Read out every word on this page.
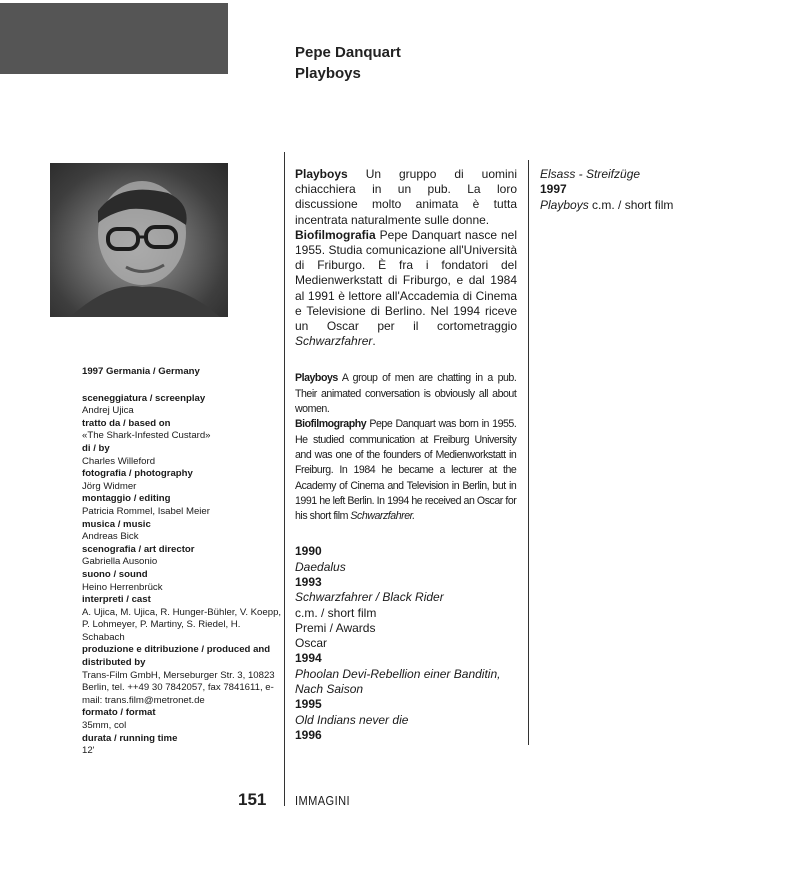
Pepe Danquart
Playboys
1997 Germania / Germany
sceneggiatura / screenplay
Andrej Ujica
tratto da / based on
«The Shark-Infested Custard»
di / by
Charles Willeford
fotografia / photography
Jörg Widmer
montaggio / editing
Patricia Rommel, Isabel Meier
musica / music
Andreas Bick
scenografia / art director
Gabriella Ausonio
suono / sound
Heino Herrenbrück
interpreti / cast
A. Ujica, M. Ujica, R. Hunger-Bühler, V. Koepp, P. Lohmeyer, P. Martiny, S. Riedel, H. Schabach
produzione e ditribuzione / produced and distributed by
Trans-Film GmbH, Merseburger Str. 3, 10823 Berlin, tel. ++49 30 7842057, fax 7841611, e-mail: trans.film@metronet.de
formato / format
35mm, col
durata / running time
12'

Playboys Un gruppo di uomini chiacchiera in un pub. La loro discussione molto animata è tutta incentrata naturalmente sulle donne.
Biofilmografia Pepe Danquart nasce nel 1955. Studia comunicazione all'Università di Friburgo. È fra i fondatori del Medienwerkstatt di Friburgo, e dal 1984 al 1991 è lettore all'Accademia di Cinema e Televisione di Berlino. Nel 1994 riceve un Oscar per il cortometraggio Schwarzfahrer.

Playboys A group of men are chatting in a pub. Their animated conversation is obviously all about women.
Biofilmography Pepe Danquart was born in 1955. He studied communication at Freiburg University and was one of the founders of Medienworkstatt in Freiburg. In 1984 he became a lecturer at the Academy of Cinema and Television in Berlin, but in 1991 he left Berlin. In 1994 he received an Oscar for his short film Schwarzfahrer.

1990
Daedalus
1993
Schwarzfahrer / Black Rider
c.m. / short film
Premi / Awards
Oscar
1994
Phoolan Devi-Rebellion einer Banditin,
Nach Saison
1995
Old Indians never die
1996
Elsass - Streifzüge
1997
Playboys c.m. / short film
151 IMMAGINI
